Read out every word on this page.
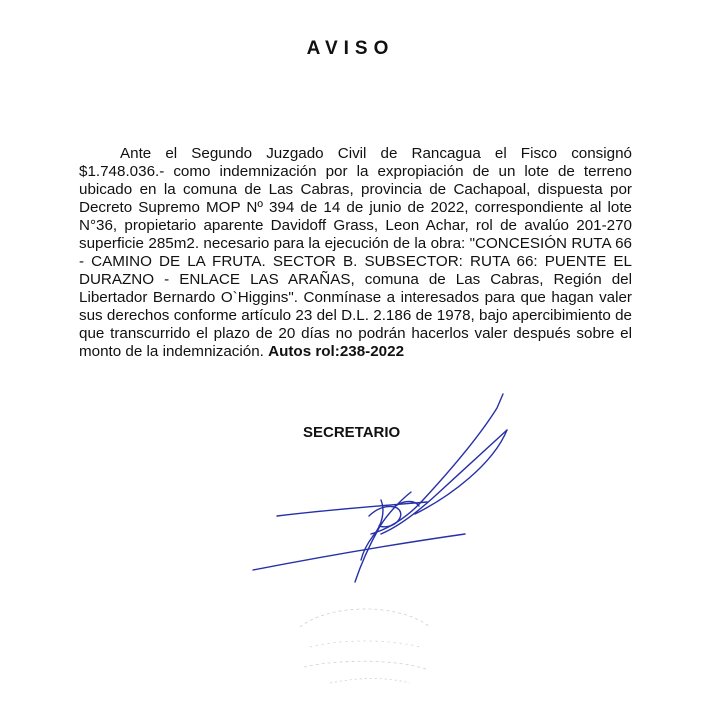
AVISO

Ante el Segundo Juzgado Civil de Rancagua el Fisco consignó $1.748.036.- como indemnización por la expropiación de un lote de terreno ubicado en la comuna de Las Cabras, provincia de Cachapoal, dispuesta por Decreto Supremo MOP Nº 394 de 14 de junio de 2022, correspondiente al lote N°36, propietario aparente Davidoff Grass, Leon Achar, rol de avalúo 201-270 superficie 285m2. necesario para la ejecución de la obra: "CONCESIÓN RUTA 66 - CAMINO DE LA FRUTA. SECTOR B. SUBSECTOR: RUTA 66: PUENTE EL DURAZNO - ENLACE LAS ARAÑAS, comuna de Las Cabras, Región del Libertador Bernardo O`Higgins". Conmínase a interesados para que hagan valer sus derechos conforme artículo 23 del D.L. 2.186 de 1978, bajo apercibimiento de que transcurrido el plazo de 20 días no podrán hacerlos valer después sobre el monto de la indemnización. Autos rol:238-2022

SECRETARIO
